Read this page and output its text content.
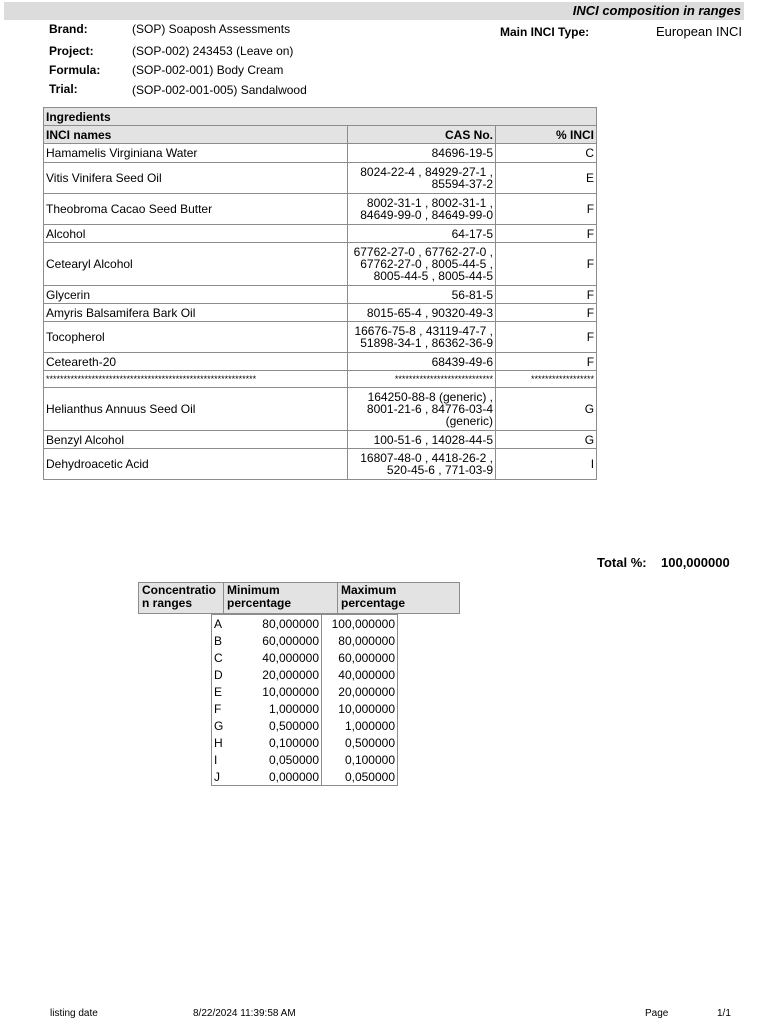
INCI composition in ranges
Brand:	(SOP) Soaposh Assessments
Project:	(SOP-002) 243453 (Leave on)
Formula:	(SOP-002-001) Body Cream
Trial:	(SOP-002-001-005) Sandalwood
Main INCI Type:	European INCI
Ingredients		
INCI names	CAS No.	% INCI
Hamamelis Virginiana Water	84696-19-5	C
Vitis Vinifera Seed Oil	8024-22-4 , 84929-27-1 , 85594-37-2	E
Theobroma Cacao Seed Butter	8002-31-1 , 8002-31-1 , 84649-99-0 , 84649-99-0	F
Alcohol	64-17-5	F
Cetearyl Alcohol	67762-27-0 , 67762-27-0 , 67762-27-0 , 8005-44-5 , 8005-44-5 , 8005-44-5	F
Glycerin	56-81-5	F
Amyris Balsamifera Bark Oil	8015-65-4 , 90320-49-3	F
Tocopherol	16676-75-8 , 43119-47-7 , 51898-34-1 , 86362-36-9	F
Ceteareth-20	68439-49-6	F
************************************************************	****************************	******************
Helianthus Annuus Seed Oil	164250-88-8 (generic) , 8001-21-6 , 84776-03-4 (generic)	G
Benzyl Alcohol	100-51-6 , 14028-44-5	G
Dehydroacetic Acid	16807-48-0 , 4418-26-2 , 520-45-6 , 771-03-9	I
Total %: 100,000000
Concentratio n ranges	Minimum percentage	Maximum percentage
A	80,000000	100,000000
B	60,000000	80,000000
C	40,000000	60,000000
D	20,000000	40,000000
E	10,000000	20,000000
F	1,000000	10,000000
G	0,500000	1,000000
H	0,100000	0,500000
I	0,050000	0,100000
J	0,000000	0,050000
listing date	8/22/2024 11:39:58 AM	Page	1/1
